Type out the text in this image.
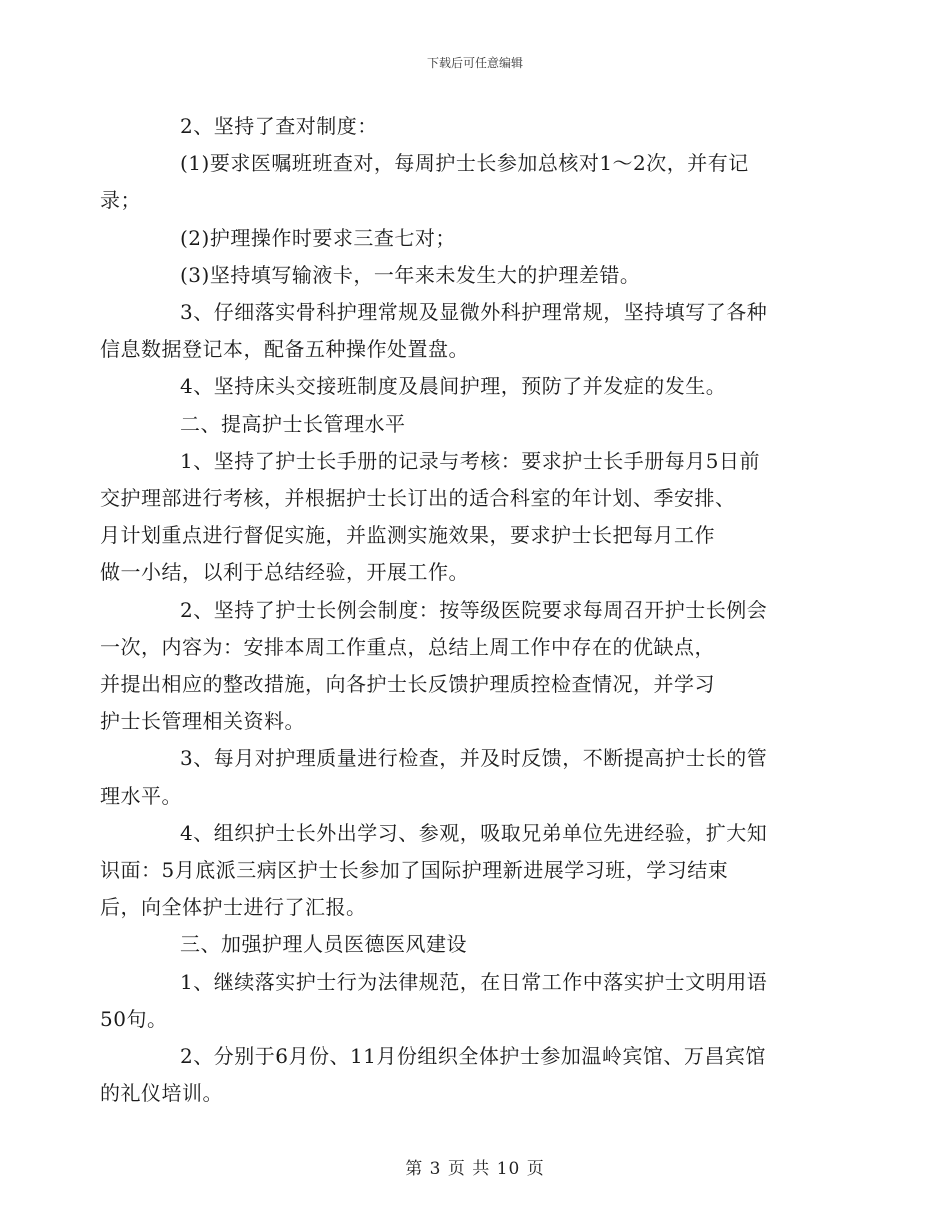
下载后可任意编辑

2、坚持了查对制度：

(1)要求医嘱班班查对，每周护士长参加总核对1～2次，并有记
录；

(2)护理操作时要求三查七对；

(3)坚持填写输液卡，一年来未发生大的护理差错。

3、仔细落实骨科护理常规及显微外科护理常规，坚持填写了各种
信息数据登记本，配备五种操作处置盘。

4、坚持床头交接班制度及晨间护理，预防了并发症的发生。

二、提高护士长管理水平

1、坚持了护士长手册的记录与考核：要求护士长手册每月5日前
交护理部进行考核，并根据护士长订出的适合科室的年计划、季安排、
月计划重点进行督促实施，并监测实施效果，要求护士长把每月工作
做一小结，以利于总结经验，开展工作。

2、坚持了护士长例会制度：按等级医院要求每周召开护士长例会
一次，内容为：安排本周工作重点，总结上周工作中存在的优缺点，
并提出相应的整改措施，向各护士长反馈护理质控检查情况，并学习
护士长管理相关资料。

3、每月对护理质量进行检查，并及时反馈，不断提高护士长的管
理水平。

4、组织护士长外出学习、参观，吸取兄弟单位先进经验，扩大知
识面：5月底派三病区护士长参加了国际护理新进展学习班，学习结束
后，向全体护士进行了汇报。

三、加强护理人员医德医风建设

1、继续落实护士行为法律规范，在日常工作中落实护士文明用语
50句。

2、分别于6月份、11月份组织全体护士参加温岭宾馆、万昌宾馆
的礼仪培训。

第 3 页 共 10 页
